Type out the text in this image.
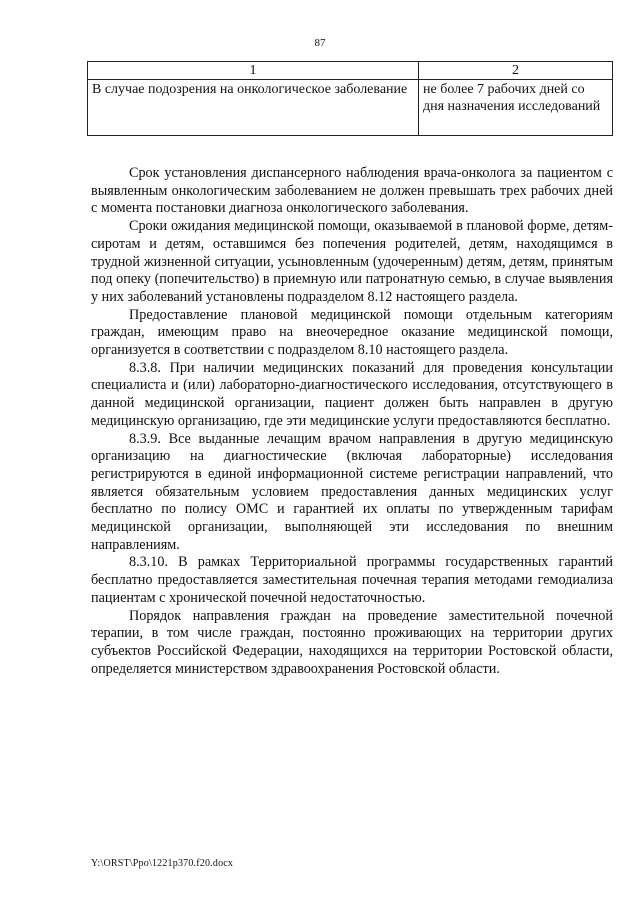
87
1	2
В случае подозрения на онкологическое заболевание	не более 7 рабочих дней со дня назначения исследований

Срок установления диспансерного наблюдения врача-онколога за пациентом с выявленным онкологическим заболеванием не должен превышать трех рабочих дней с момента постановки диагноза онкологического заболевания.

Сроки ожидания медицинской помощи, оказываемой в плановой форме, детям-сиротам и детям, оставшимся без попечения родителей, детям, находящимся в трудной жизненной ситуации, усыновленным (удочеренным) детям, детям, принятым под опеку (попечительство) в приемную или патронатную семью, в случае выявления у них заболеваний установлены подразделом 8.12 настоящего раздела.

Предоставление плановой медицинской помощи отдельным категориям граждан, имеющим право на внеочередное оказание медицинской помощи, организуется в соответствии с подразделом 8.10 настоящего раздела.

8.3.8. При наличии медицинских показаний для проведения консультации специалиста и (или) лабораторно-диагностического исследования, отсутствующего в данной медицинской организации, пациент должен быть направлен в другую медицинскую организацию, где эти медицинские услуги предоставляются бесплатно.

8.3.9. Все выданные лечащим врачом направления в другую медицинскую организацию на диагностические (включая лабораторные) исследования регистрируются в единой информационной системе регистрации направлений, что является обязательным условием предоставления данных медицинских услуг бесплатно по полису ОМС и гарантией их оплаты по утвержденным тарифам медицинской организации, выполняющей эти исследования по внешним направлениям.

8.3.10. В рамках Территориальной программы государственных гарантий бесплатно предоставляется заместительная почечная терапия методами гемодиализа пациентам с хронической почечной недостаточностью.

Порядок направления граждан на проведение заместительной почечной терапии, в том числе граждан, постоянно проживающих на территории других субъектов Российской Федерации, находящихся на территории Ростовской области, определяется министерством здравоохранения Ростовской области.

Y:\ORST\Ppo\1221p370.f20.docx
